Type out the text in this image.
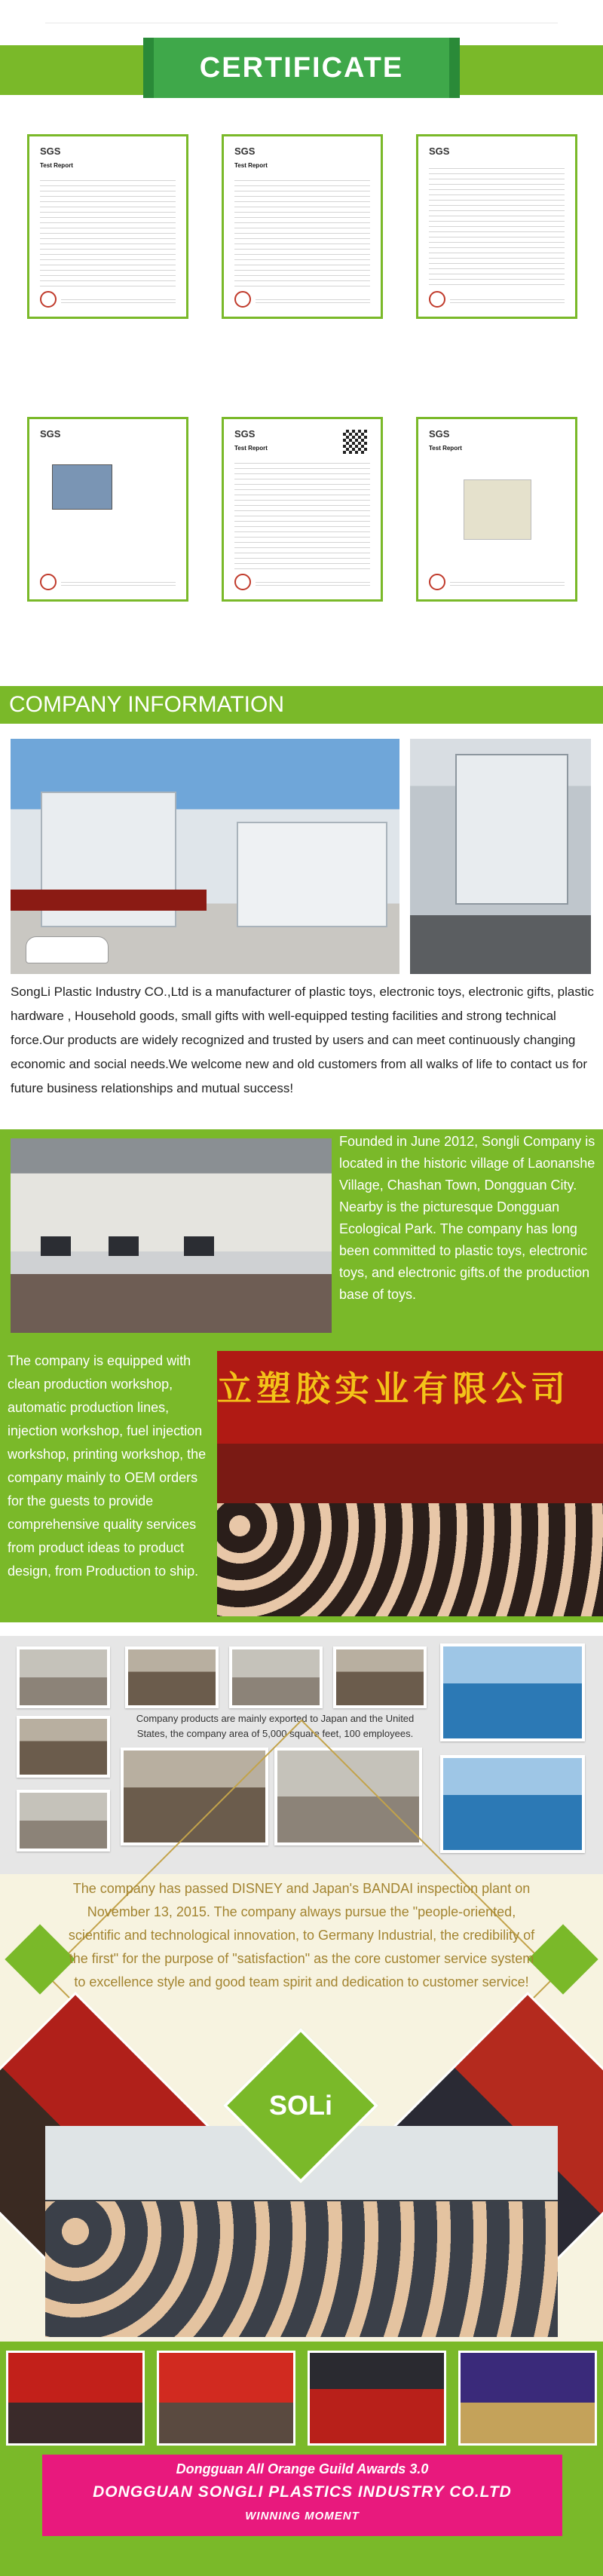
CERTIFICATE
SGS
Test Report
SGS
Test Report
SGS
SGS	SGS
Test Report
SGS
Test Report
COMPANY INFORMATION

SongLi Plastic Industry CO.,Ltd is a manufacturer of plastic toys, electronic toys, electronic gifts, plastic hardware , Household goods, small gifts with well-equipped testing facilities and strong technical force.Our products are widely recognized and trusted by users and can meet continuously changing economic and social needs.We welcome new and old customers from all walks of life to contact us for future business relationships and mutual success!

Founded in June 2012, Songli Company is located in the historic village of Laonanshe Village, Chashan Town, Dongguan City. Nearby is the picturesque Dongguan Ecological Park. The company has long been committed to plastic toys, electronic toys, and electronic gifts.of the production base of toys.

The company is equipped with clean production workshop, automatic production lines, injection workshop, fuel injection workshop, printing workshop, the company mainly to OEM orders for the guests to provide comprehensive quality services from product ideas to product design, from Production to ship.

立塑胶实业有限公司

Company products are mainly exported to Japan and the United States, the company area of 5,000 square feet, 100 employees.

The company has passed DISNEY and Japan's BANDAI inspection plant on November 13, 2015. The company always pursue the "people-oriented, scientific and technological innovation, to Germany Industrial, the credibility of the first" for the purpose of "satisfaction" as the core customer service system to excellence style and good team spirit and dedication to customer service!

SOLi
Dongguan All Orange Guild Awards 3.0
DONGGUAN SONGLI PLASTICS INDUSTRY CO.LTD
WINNING MOMENT
